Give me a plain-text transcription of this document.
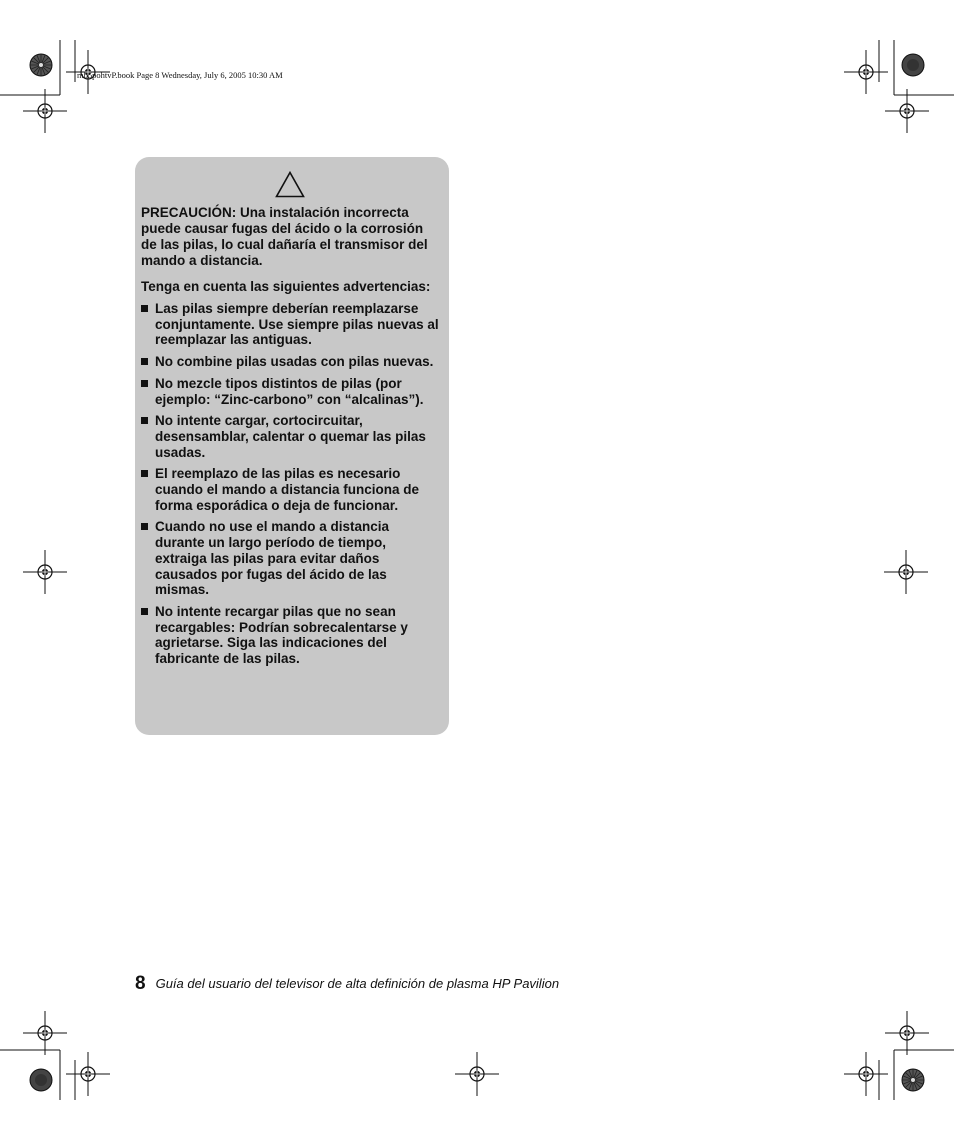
mb5pohtvP.book Page 8 Wednesday, July 6, 2005 10:30 AM

PRECAUCIÓN: Una instalación incorrecta puede causar fugas del ácido o la corrosión de las pilas, lo cual dañaría el transmisor del mando a distancia.

Tenga en cuenta las siguientes advertencias:

Las pilas siempre deberían reemplazarse conjuntamente. Use siempre pilas nuevas al reemplazar las antiguas.
No combine pilas usadas con pilas nuevas.
No mezcle tipos distintos de pilas (por ejemplo: “Zinc-carbono” con “alcalinas”).
No intente cargar, cortocircuitar, desensamblar, calentar o quemar las pilas usadas.
El reemplazo de las pilas es necesario cuando el mando a distancia funciona de forma esporádica o deja de funcionar.
Cuando no use el mando a distancia durante un largo período de tiempo, extraiga las pilas para evitar daños causados por fugas del ácido de las mismas.
No intente recargar pilas que no sean recargables: Podrían sobrecalentarse y agrietarse. Siga las indicaciones del fabricante de las pilas.
8 Guía del usuario del televisor de alta definición de plasma HP Pavilion
